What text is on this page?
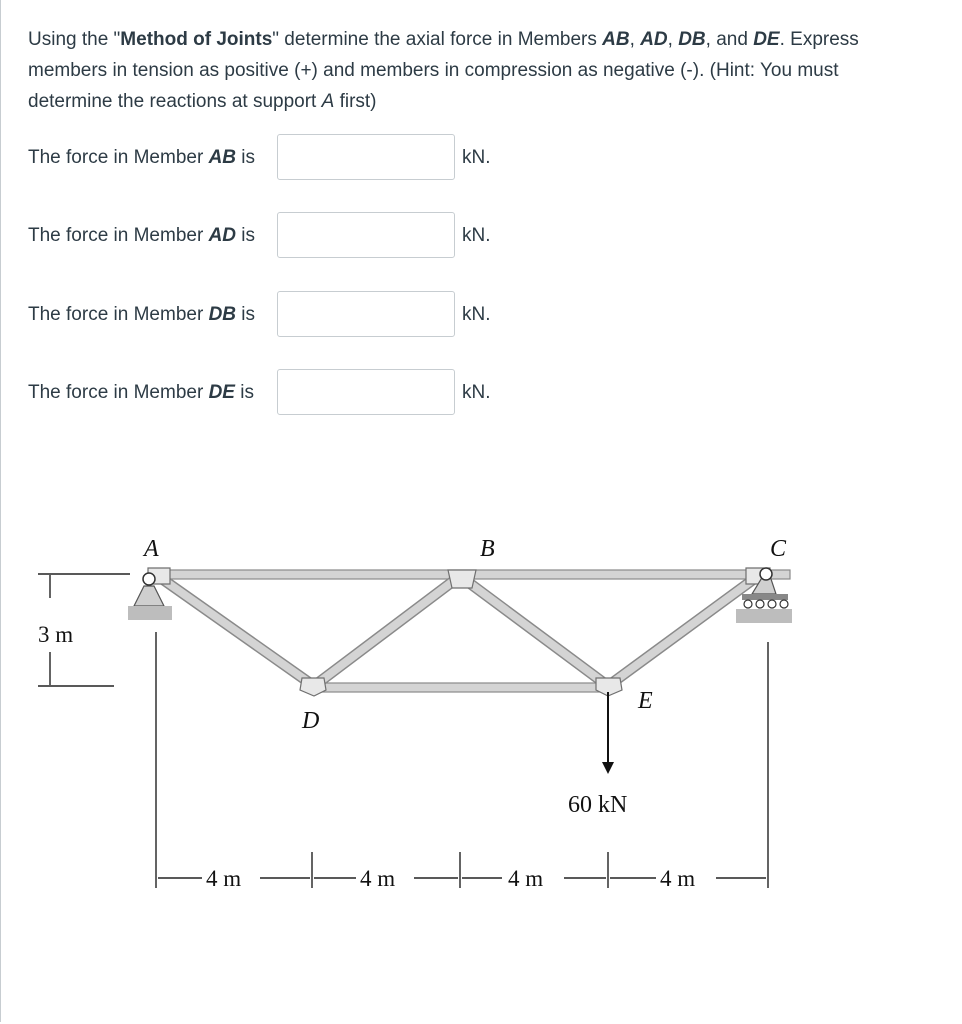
Using the "Method of Joints" determine the axial force in Members AB, AD, DB, and DE. Express members in tension as positive (+) and members in compression as negative (-). (Hint: You must determine the reactions at support A first)
The force in Member AB is	kN.
The force in Member AD is	kN.
The force in Member DB is	kN.
The force in Member DE is	kN.
A	B	C
D
E
3 m
60 kN
4 m	4 m	4 m	4 m
